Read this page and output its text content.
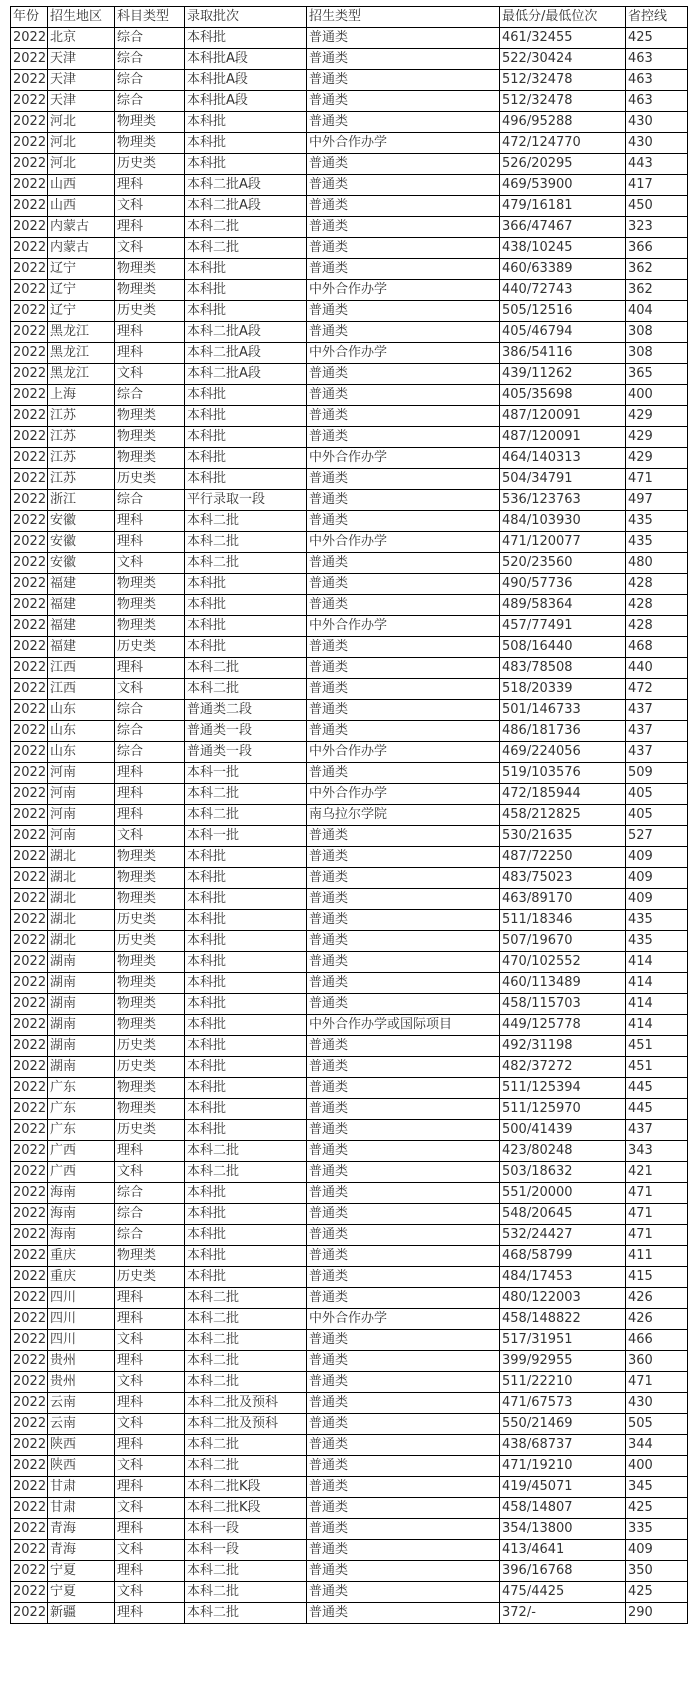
年份	招生地区	科目类型	录取批次	招生类型	最低分/最低位次	省控线
2022	北京	综合	本科批	普通类	461/32455	425
2022	天津	综合	本科批A段	普通类	522/30424	463
2022	天津	综合	本科批A段	普通类	512/32478	463
2022	天津	综合	本科批A段	普通类	512/32478	463
2022	河北	物理类	本科批	普通类	496/95288	430
2022	河北	物理类	本科批	中外合作办学	472/124770	430
2022	河北	历史类	本科批	普通类	526/20295	443
2022	山西	理科	本科二批A段	普通类	469/53900	417
2022	山西	文科	本科二批A段	普通类	479/16181	450
2022	内蒙古	理科	本科二批	普通类	366/47467	323
2022	内蒙古	文科	本科二批	普通类	438/10245	366
2022	辽宁	物理类	本科批	普通类	460/63389	362
2022	辽宁	物理类	本科批	中外合作办学	440/72743	362
2022	辽宁	历史类	本科批	普通类	505/12516	404
2022	黑龙江	理科	本科二批A段	普通类	405/46794	308
2022	黑龙江	理科	本科二批A段	中外合作办学	386/54116	308
2022	黑龙江	文科	本科二批A段	普通类	439/11262	365
2022	上海	综合	本科批	普通类	405/35698	400
2022	江苏	物理类	本科批	普通类	487/120091	429
2022	江苏	物理类	本科批	普通类	487/120091	429
2022	江苏	物理类	本科批	中外合作办学	464/140313	429
2022	江苏	历史类	本科批	普通类	504/34791	471
2022	浙江	综合	平行录取一段	普通类	536/123763	497
2022	安徽	理科	本科二批	普通类	484/103930	435
2022	安徽	理科	本科二批	中外合作办学	471/120077	435
2022	安徽	文科	本科二批	普通类	520/23560	480
2022	福建	物理类	本科批	普通类	490/57736	428
2022	福建	物理类	本科批	普通类	489/58364	428
2022	福建	物理类	本科批	中外合作办学	457/77491	428
2022	福建	历史类	本科批	普通类	508/16440	468
2022	江西	理科	本科二批	普通类	483/78508	440
2022	江西	文科	本科二批	普通类	518/20339	472
2022	山东	综合	普通类二段	普通类	501/146733	437
2022	山东	综合	普通类一段	普通类	486/181736	437
2022	山东	综合	普通类一段	中外合作办学	469/224056	437
2022	河南	理科	本科一批	普通类	519/103576	509
2022	河南	理科	本科二批	中外合作办学	472/185944	405
2022	河南	理科	本科二批	南乌拉尔学院	458/212825	405
2022	河南	文科	本科一批	普通类	530/21635	527
2022	湖北	物理类	本科批	普通类	487/72250	409
2022	湖北	物理类	本科批	普通类	483/75023	409
2022	湖北	物理类	本科批	普通类	463/89170	409
2022	湖北	历史类	本科批	普通类	511/18346	435
2022	湖北	历史类	本科批	普通类	507/19670	435
2022	湖南	物理类	本科批	普通类	470/102552	414
2022	湖南	物理类	本科批	普通类	460/113489	414
2022	湖南	物理类	本科批	普通类	458/115703	414
2022	湖南	物理类	本科批	中外合作办学或国际项目	449/125778	414
2022	湖南	历史类	本科批	普通类	492/31198	451
2022	湖南	历史类	本科批	普通类	482/37272	451
2022	广东	物理类	本科批	普通类	511/125394	445
2022	广东	物理类	本科批	普通类	511/125970	445
2022	广东	历史类	本科批	普通类	500/41439	437
2022	广西	理科	本科二批	普通类	423/80248	343
2022	广西	文科	本科二批	普通类	503/18632	421
2022	海南	综合	本科批	普通类	551/20000	471
2022	海南	综合	本科批	普通类	548/20645	471
2022	海南	综合	本科批	普通类	532/24427	471
2022	重庆	物理类	本科批	普通类	468/58799	411
2022	重庆	历史类	本科批	普通类	484/17453	415
2022	四川	理科	本科二批	普通类	480/122003	426
2022	四川	理科	本科二批	中外合作办学	458/148822	426
2022	四川	文科	本科二批	普通类	517/31951	466
2022	贵州	理科	本科二批	普通类	399/92955	360
2022	贵州	文科	本科二批	普通类	511/22210	471
2022	云南	理科	本科二批及预科	普通类	471/67573	430
2022	云南	文科	本科二批及预科	普通类	550/21469	505
2022	陕西	理科	本科二批	普通类	438/68737	344
2022	陕西	文科	本科二批	普通类	471/19210	400
2022	甘肃	理科	本科二批K段	普通类	419/45071	345
2022	甘肃	文科	本科二批K段	普通类	458/14807	425
2022	青海	理科	本科一段	普通类	354/13800	335
2022	青海	文科	本科一段	普通类	413/4641	409
2022	宁夏	理科	本科二批	普通类	396/16768	350
2022	宁夏	文科	本科二批	普通类	475/4425	425
2022	新疆	理科	本科二批	普通类	372/-	290
